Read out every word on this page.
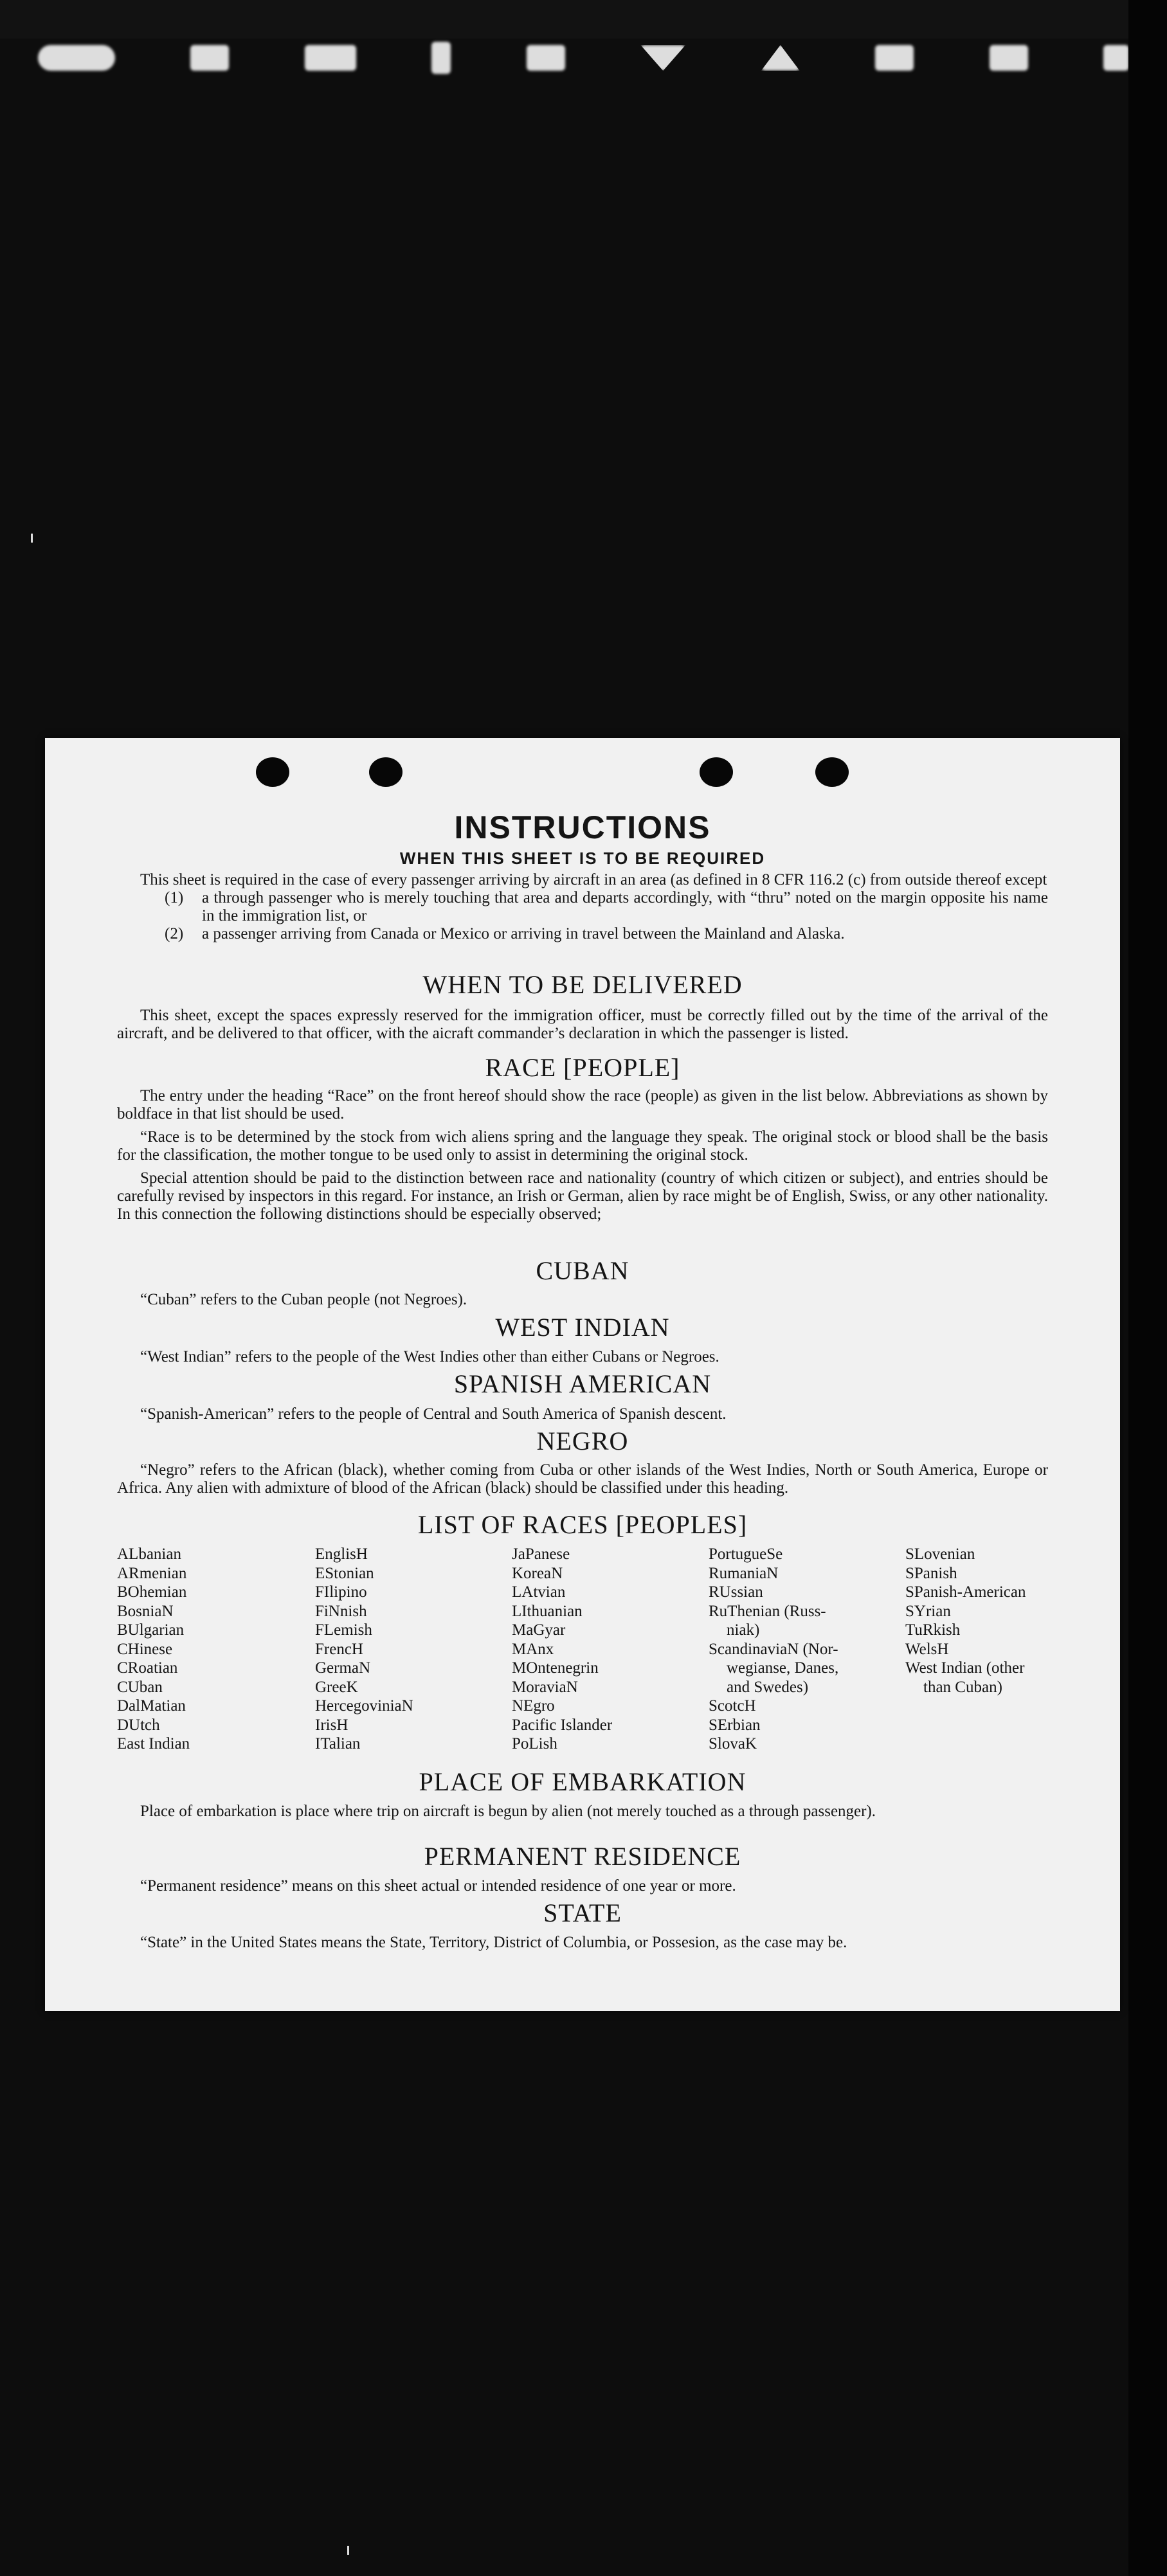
INSTRUCTIONS
WHEN THIS SHEET IS TO BE REQUIRED

This sheet is required in the case of every passenger arriving by aircraft in an area (as defined in 8 CFR 116.2 (c) from outside thereof except

(1)	a through passenger who is merely touching that area and departs accordingly, with “thru” noted on the margin opposite his name in the immigration list, or
(2)	a passenger arriving from Canada or Mexico or arriving in travel between the Mainland and Alaska.
WHEN TO BE DELIVERED

This sheet, except the spaces expressly reserved for the immigration officer, must be correctly filled out by the time of the arrival of the aircraft, and be delivered to that officer, with the aicraft commander’s declaration in which the passenger is listed.

RACE [PEOPLE]

The entry under the heading “Race” on the front hereof should show the race (people) as given in the list below. Abbreviations as shown by boldface in that list should be used.

“Race is to be determined by the stock from wich aliens spring and the language they speak. The original stock or blood shall be the basis for the classification, the mother tongue to be used only to assist in determining the original stock.

Special attention should be paid to the distinction between race and nationality (country of which citizen or subject), and entries should be carefully revised by inspectors in this regard. For instance, an Irish or German, alien by race might be of English, Swiss, or any other nationality. In this connection the following distinctions should be especially observed;

CUBAN

“Cuban” refers to the Cuban people (not Negroes).

WEST INDIAN

“West Indian” refers to the people of the West Indies other than either Cubans or Negroes.

SPANISH AMERICAN

“Spanish-American” refers to the people of Central and South America of Spanish descent.

NEGRO

“Negro” refers to the African (black), whether coming from Cuba or other islands of the West Indies, North or South America, Europe or Africa. Any alien with admixture of blood of the African (black) should be classified under this heading.

LIST OF RACES [PEOPLES]
ALbanian
ARmenian
BOhemian
BosniaN
BUlgarian
CHinese
CRoatian
CUban
DalMatian
DUtch
East Indian
EnglisH
EStonian
FIlipino
FiNnish
FLemish
FrencH
GermaN
GreeK
HercegoviniaN
IrisH
ITalian
JaPanese
KoreaN
LAtvian
LIthuanian
MaGyar
MAnx
MOntenegrin
MoraviaN
NEgro
Pacific Islander
PoLish
PortugueSe
RumaniaN
RUssian
RuThenian (Russ-
niak)
ScandinaviaN (Nor-
wegianse, Danes,
and Swedes)
ScotcH
SErbian
SlovaK
SLovenian
SPanish
SPanish-American
SYrian
TuRkish
WelsH
West Indian (other
than Cuban)
PLACE OF EMBARKATION

Place of embarkation is place where trip on aircraft is begun by alien (not merely touched as a through passenger).

PERMANENT RESIDENCE

“Permanent residence” means on this sheet actual or intended residence of one year or more.

STATE

“State” in the United States means the State, Territory, District of Columbia, or Possesion, as the case may be.
